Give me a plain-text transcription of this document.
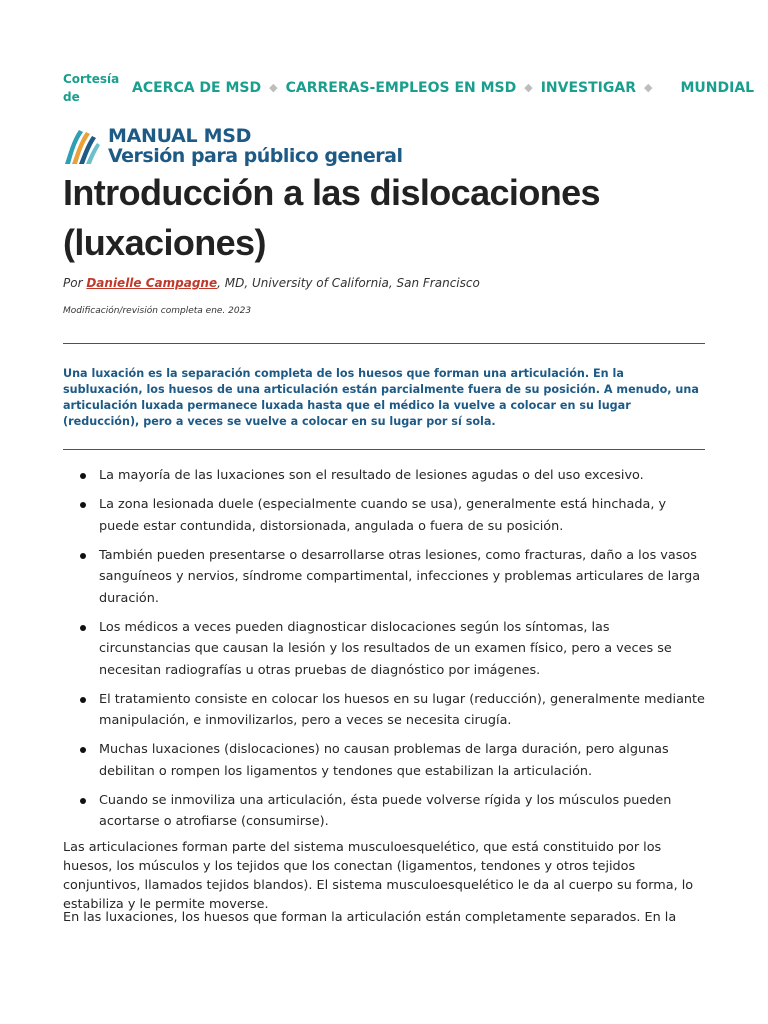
Cortesía de
ACERCA DE MSD ◆ CARRERAS-EMPLEOS EN MSD ◆ INVESTIGAR ◆ MUNDIAL
MANUAL MSD
Versión para público general
Introducción a las dislocaciones (luxaciones)
Por Danielle Campagne, MD, University of California, San Francisco
Modificación/revisión completa ene. 2023
Una luxación es la separación completa de los huesos que forman una articulación. En la subluxación, los huesos de una articulación están parcialmente fuera de su posición. A menudo, una articulación luxada permanece luxada hasta que el médico la vuelve a colocar en su lugar (reducción), pero a veces se vuelve a colocar en su lugar por sí sola.
La mayoría de las luxaciones son el resultado de lesiones agudas o del uso excesivo.
La zona lesionada duele (especialmente cuando se usa), generalmente está hinchada, y puede estar contundida, distorsionada, angulada o fuera de su posición.
También pueden presentarse o desarrollarse otras lesiones, como fracturas, daño a los vasos sanguíneos y nervios, síndrome compartimental, infecciones y problemas articulares de larga duración.
Los médicos a veces pueden diagnosticar dislocaciones según los síntomas, las circunstancias que causan la lesión y los resultados de un examen físico, pero a veces se necesitan radiografías u otras pruebas de diagnóstico por imágenes.
El tratamiento consiste en colocar los huesos en su lugar (reducción), generalmente mediante manipulación, e inmovilizarlos, pero a veces se necesita cirugía.
Muchas luxaciones (dislocaciones) no causan problemas de larga duración, pero algunas debilitan o rompen los ligamentos y tendones que estabilizan la articulación.
Cuando se inmoviliza una articulación, ésta puede volverse rígida y los músculos pueden acortarse o atrofiarse (consumirse).

Las articulaciones forman parte del sistema musculoesquelético, que está constituido por los huesos, los músculos y los tejidos que los conectan (ligamentos, tendones y otros tejidos conjuntivos, llamados tejidos blandos). El sistema musculoesquelético le da al cuerpo su forma, lo estabiliza y le permite moverse.

En las luxaciones, los huesos que forman la articulación están completamente separados. En la
